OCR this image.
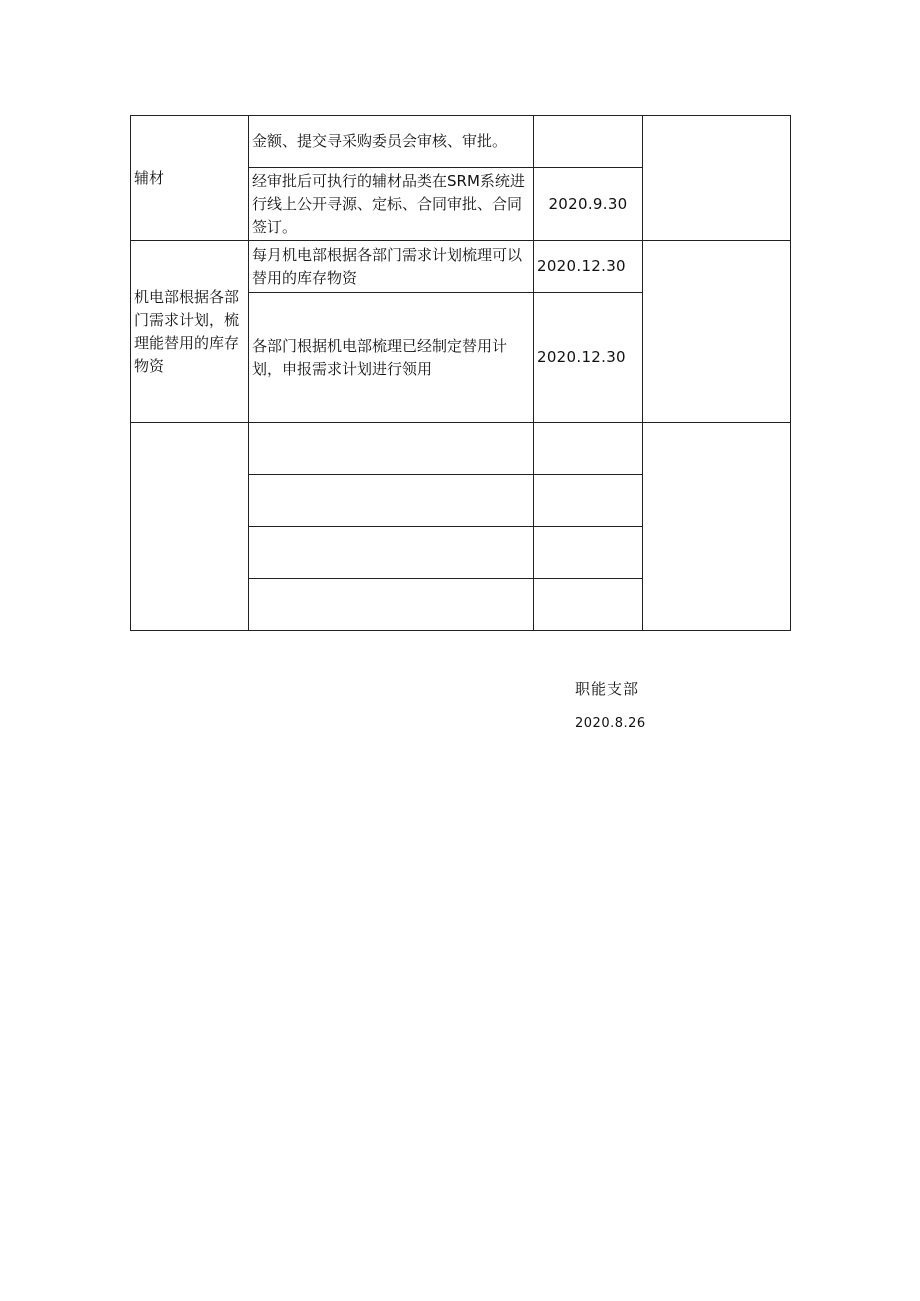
辅材	金额、提交寻采购委员会审核、审批。		
	经审批后可执行的辅材品类在SRM系统进行线上公开寻源、定标、合同审批、合同签订。	2020.9.30	
机电部根据各部门需求计划，梳理能替用的库存物资	每月机电部根据各部门需求计划梳理可以替用的库存物资	2020.12.30	
	各部门根据机电部梳理已经制定替用计划，申报需求计划进行领用	2020.12.30	

职能支部
2020.8.26
